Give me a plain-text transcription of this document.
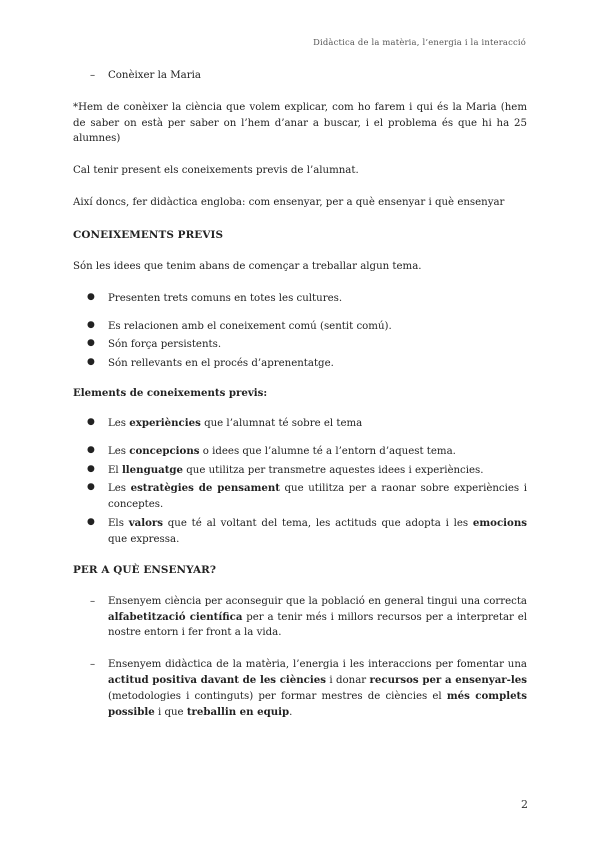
Didàctica de la matèria, l’energia i la interacció

– Conèixer la Maria

*Hem de conèixer la ciència que volem explicar, com ho farem i qui és la Maria (hem de saber on està per saber on l’hem d’anar a buscar, i el problema és que hi ha 25 alumnes)

Cal tenir present els coneixements previs de l’alumnat.

Així doncs, fer didàctica engloba: com ensenyar, per a què ensenyar i què ensenyar

CONEIXEMENTS PREVIS

Són les idees que tenim abans de començar a treballar algun tema.

● Presenten trets comuns en totes les cultures.

● Es relacionen amb el coneixement comú (sentit comú).

● Són força persistents.

● Són rellevants en el procés d’aprenentatge.

Elements de coneixements previs:

● Les experiències que l’alumnat té sobre el tema

● Les concepcions o idees que l’alumne té a l’entorn d’aquest tema.

● El llenguatge que utilitza per transmetre aquestes idees i experiències.

● Les estratègies de pensament que utilitza per a raonar sobre experiències i conceptes.

● Els valors que té al voltant del tema, les actituds que adopta i les emocions que expressa.

PER A QUÈ ENSENYAR?

– Ensenyem ciència per aconseguir que la població en general tingui una correcta alfabetització científica per a tenir més i millors recursos per a interpretar el nostre entorn i fer front a la vida.

– Ensenyem didàctica de la matèria, l’energia i les interaccions per fomentar una actitud positiva davant de les ciències i donar recursos per a ensenyar-les (metodologies i continguts) per formar mestres de ciències el més complets possible i que treballin en equip.

2
